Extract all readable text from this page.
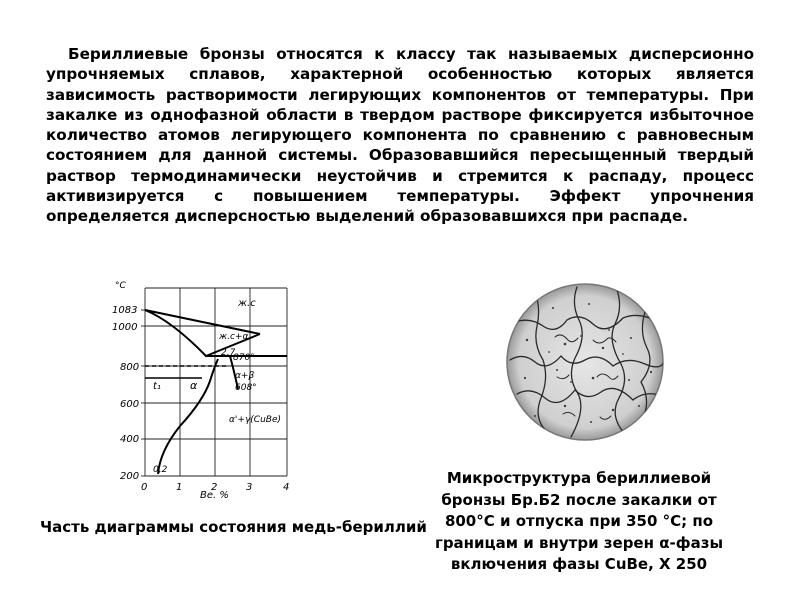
Бериллиевые бронзы относятся к классу так называемых дисперсионно упрочняемых сплавов, характерной особенностью которых является зависимость растворимости легирующих компонентов от температуры. При закалке из однофазной области в твердом растворе фиксируется избыточное количество атомов легирующего компонента по сравнению с равновесным состоянием для данной системы. Образовавшийся пересыщенный твердый раствор термодинамически неустойчив и стремится к распаду, процесс активизируется с повышением температуры. Эффект упрочнения определяется дисперсностью выделений образовавшихся при распаде.
°C
1083
1000
800
600
400
200
ж.с
ж.с+α
2,7
870°
t₁	α
α+β
608°
α'+γ(CuBe)
0,2
0	1	2	3	4
Be, %
Часть диаграммы состояния медь-бериллий
Микроструктура бериллиевой бронзы Бр.Б2 после закалки от 800°С и отпуска при 350 °С; по границам и внутри зерен α-фазы включения фазы CuBe, X 250
